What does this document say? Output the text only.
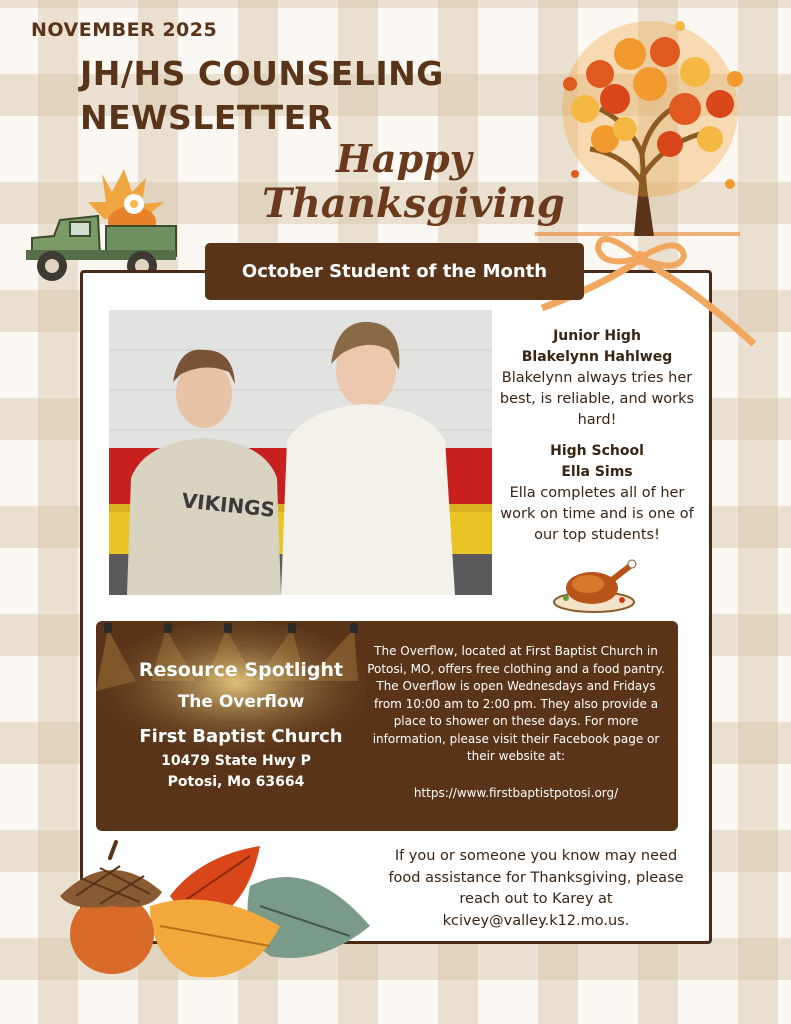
NOVEMBER 2025
JH/HS COUNSELING
NEWSLETTER
Happy
Thanksgiving
October Student of the Month
VIKINGS
Junior High
Blakelynn Hahlweg
Blakelynn always tries her best, is reliable, and works hard!
High School
Ella Sims
Ella completes all of her work on time and is one of our top students!
Resource Spotlight
The Overflow
First Baptist Church
10479 State Hwy P
Potosi, Mo 63664
The Overflow, located at First Baptist Church in Potosi, MO, offers free clothing and a food pantry. The Overflow is open Wednesdays and Fridays from 10:00 am to 2:00 pm. They also provide a place to shower on these days. For more information, please visit their Facebook page or their website at:
https://www.firstbaptistpotosi.org/
If you or someone you know may need food assistance for Thanksgiving, please reach out to Karey at kcivey@valley.k12.mo.us.
